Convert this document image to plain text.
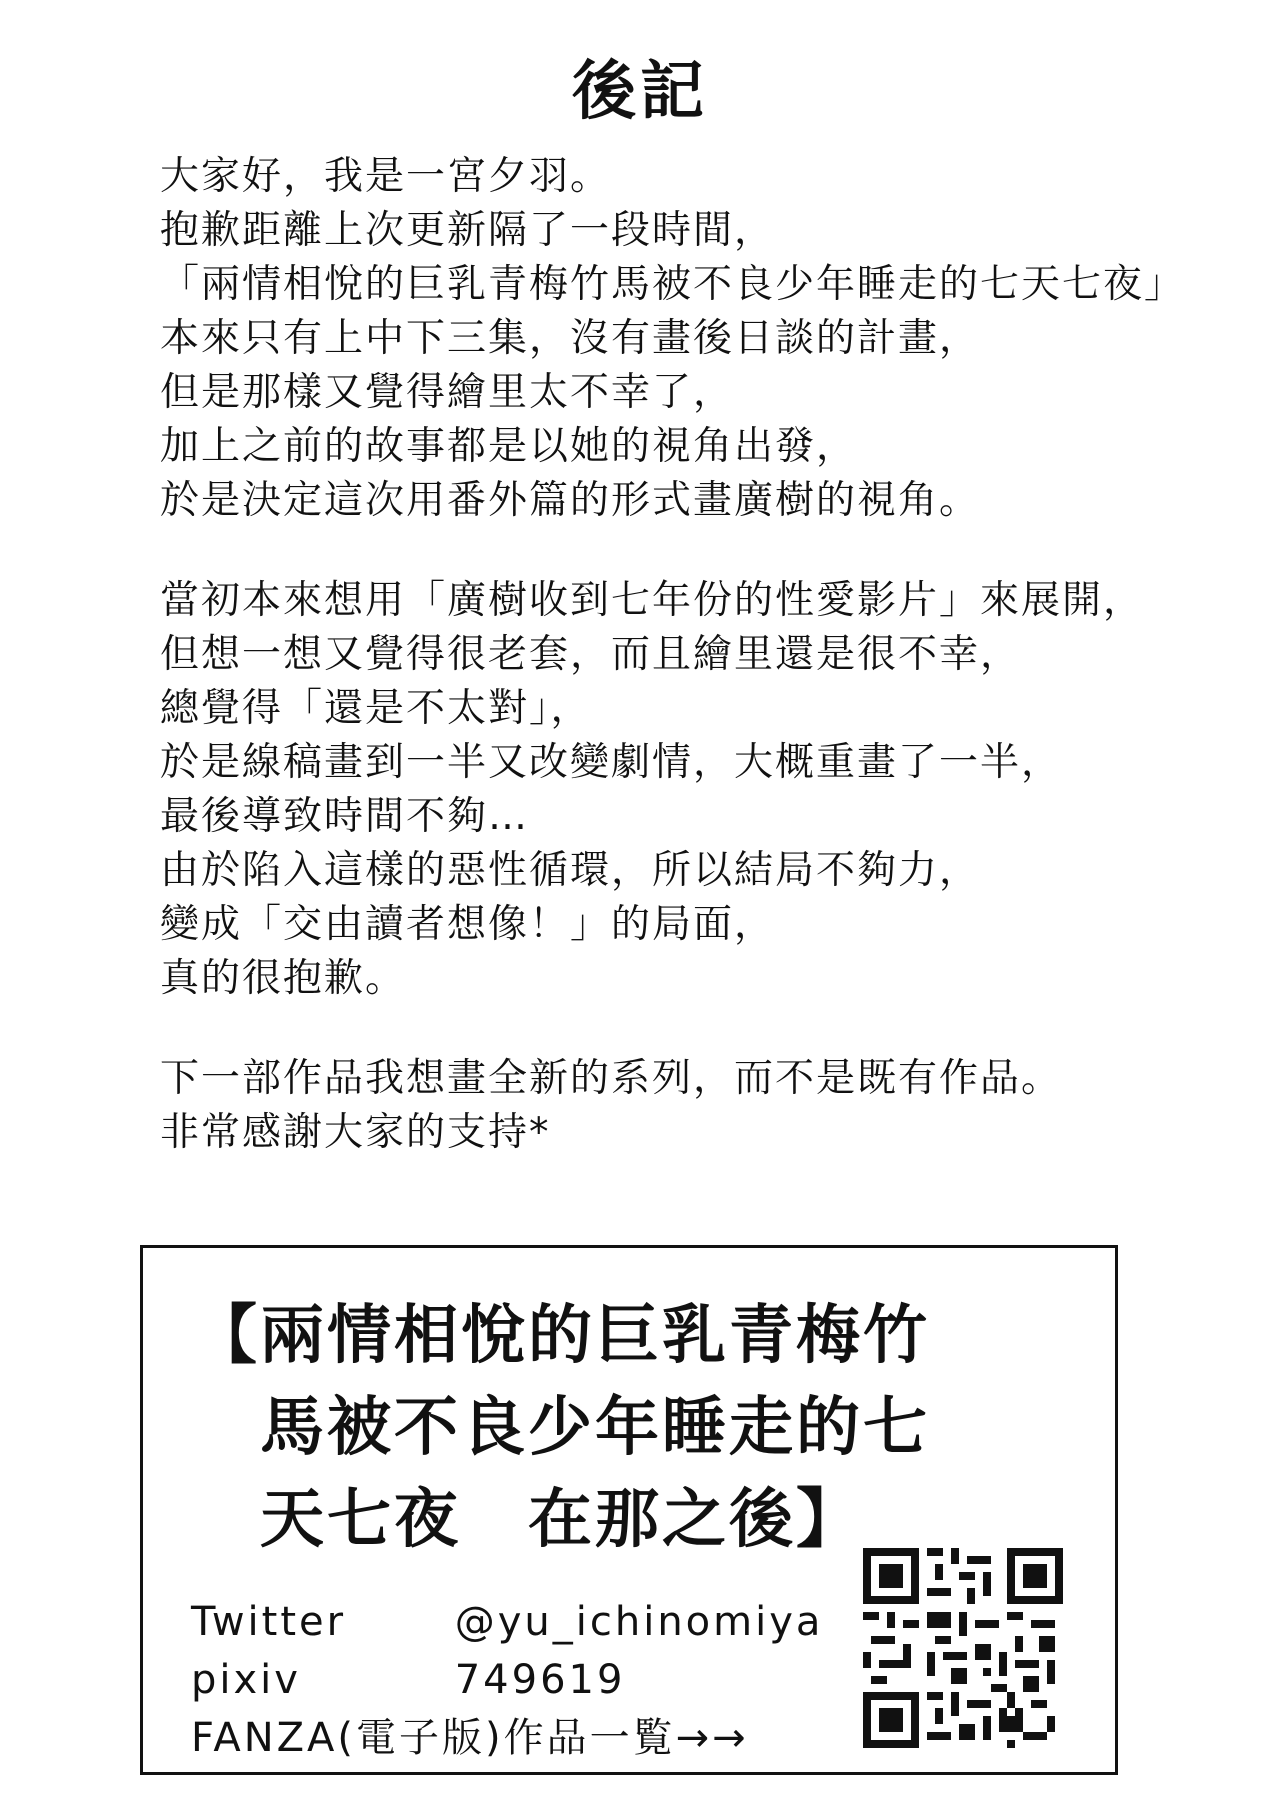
後記
大家好，我是一宮夕羽。
抱歉距離上次更新隔了一段時間，
「兩情相悅的巨乳青梅竹馬被不良少年睡走的七天七夜」
本來只有上中下三集，沒有畫後日談的計畫，
但是那樣又覺得繪里太不幸了，
加上之前的故事都是以她的視角出發，
於是決定這次用番外篇的形式畫廣樹的視角。
當初本來想用「廣樹收到七年份的性愛影片」來展開，
但想一想又覺得很老套，而且繪里還是很不幸，
總覺得「還是不太對」，
於是線稿畫到一半又改變劇情，大概重畫了一半，
最後導致時間不夠…
由於陷入這樣的惡性循環，所以結局不夠力，
變成「交由讀者想像！」的局面，
真的很抱歉。
下一部作品我想畫全新的系列，而不是既有作品。
非常感謝大家的支持*
【兩情相悅的巨乳青梅竹
　馬被不良少年睡走的七
　天七夜　在那之後】
Twitter	@yu_ichinomiya
pixiv	749619
FANZA(電子版)作品一覧→→
